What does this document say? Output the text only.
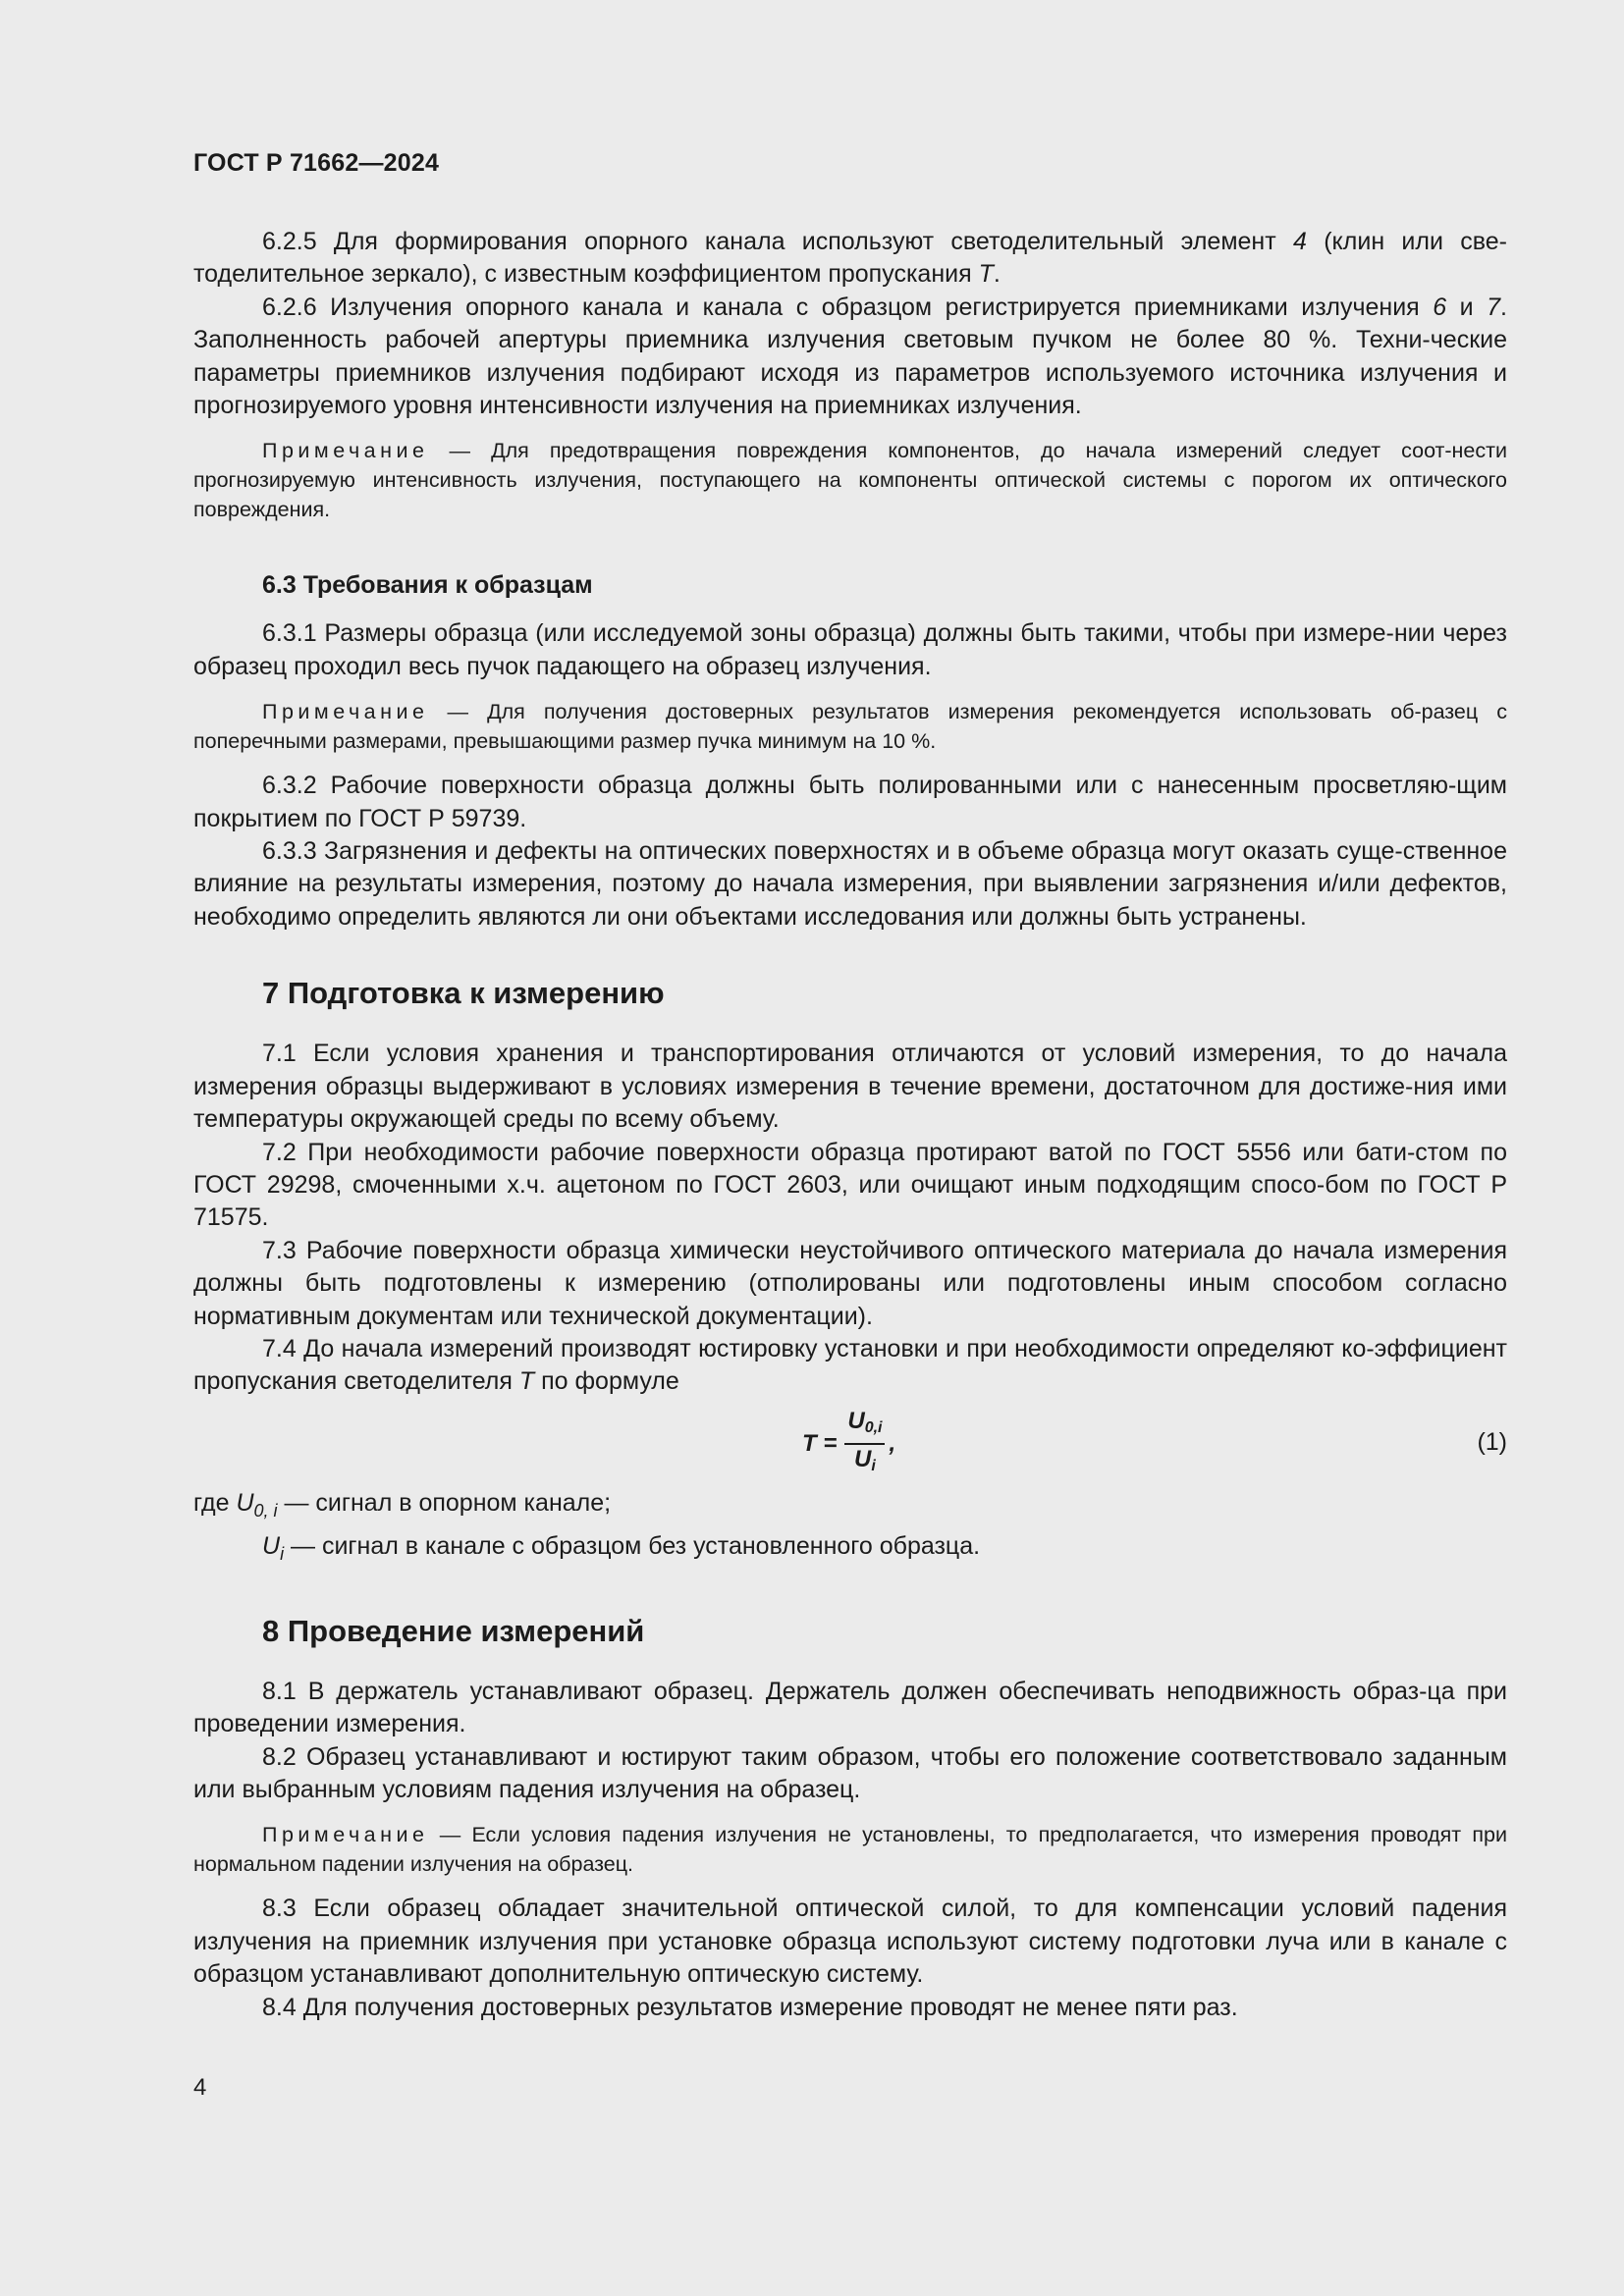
ГОСТ Р 71662—2024

6.2.5 Для формирования опорного канала используют светоделительный элемент 4 (клин или све-тоделительное зеркало), с известным коэффициентом пропускания T.

6.2.6 Излучения опорного канала и канала с образцом регистрируется приемниками излучения 6 и 7. Заполненность рабочей апертуры приемника излучения световым пучком не более 80 %. Техни-ческие параметры приемников излучения подбирают исходя из параметров используемого источника излучения и прогнозируемого уровня интенсивности излучения на приемниках излучения.

Примечание — Для предотвращения повреждения компонентов, до начала измерений следует соот-нести прогнозируемую интенсивность излучения, поступающего на компоненты оптической системы с порогом их оптического повреждения.

6.3 Требования к образцам

6.3.1 Размеры образца (или исследуемой зоны образца) должны быть такими, чтобы при измере-нии через образец проходил весь пучок падающего на образец излучения.

Примечание — Для получения достоверных результатов измерения рекомендуется использовать об-разец с поперечными размерами, превышающими размер пучка минимум на 10 %.

6.3.2 Рабочие поверхности образца должны быть полированными или с нанесенным просветляю-щим покрытием по ГОСТ Р 59739.

6.3.3 Загрязнения и дефекты на оптических поверхностях и в объеме образца могут оказать суще-ственное влияние на результаты измерения, поэтому до начала измерения, при выявлении загрязнения и/или дефектов, необходимо определить являются ли они объектами исследования или должны быть устранены.

7 Подготовка к измерению

7.1 Если условия хранения и транспортирования отличаются от условий измерения, то до начала измерения образцы выдерживают в условиях измерения в течение времени, достаточном для достиже-ния ими температуры окружающей среды по всему объему.

7.2 При необходимости рабочие поверхности образца протирают ватой по ГОСТ 5556 или бати-стом по ГОСТ 29298, смоченными х.ч. ацетоном по ГОСТ 2603, или очищают иным подходящим спосо-бом по ГОСТ Р 71575.

7.3 Рабочие поверхности образца химически неустойчивого оптического материала до начала измерения должны быть подготовлены к измерению (отполированы или подготовлены иным способом согласно нормативным документам или технической документации).

7.4 До начала измерений производят юстировку установки и при необходимости определяют ко-эффициент пропускания светоделителя T по формуле

$T = \frac{U_{0,i}}{U_i}$ ,	(1)
где $U_{0, i}$ — сигнал в опорном канале;
$U_i$ — сигнал в канале с образцом без установленного образца.
8 Проведение измерений

8.1 В держатель устанавливают образец. Держатель должен обеспечивать неподвижность образ-ца при проведении измерения.

8.2 Образец устанавливают и юстируют таким образом, чтобы его положение соответствовало заданным или выбранным условиям падения излучения на образец.

Примечание — Если условия падения излучения не установлены, то предполагается, что измерения проводят при нормальном падении излучения на образец.

8.3 Если образец обладает значительной оптической силой, то для компенсации условий падения излучения на приемник излучения при установке образца используют систему подготовки луча или в канале с образцом устанавливают дополнительную оптическую систему.

8.4 Для получения достоверных результатов измерение проводят не менее пяти раз.

4
